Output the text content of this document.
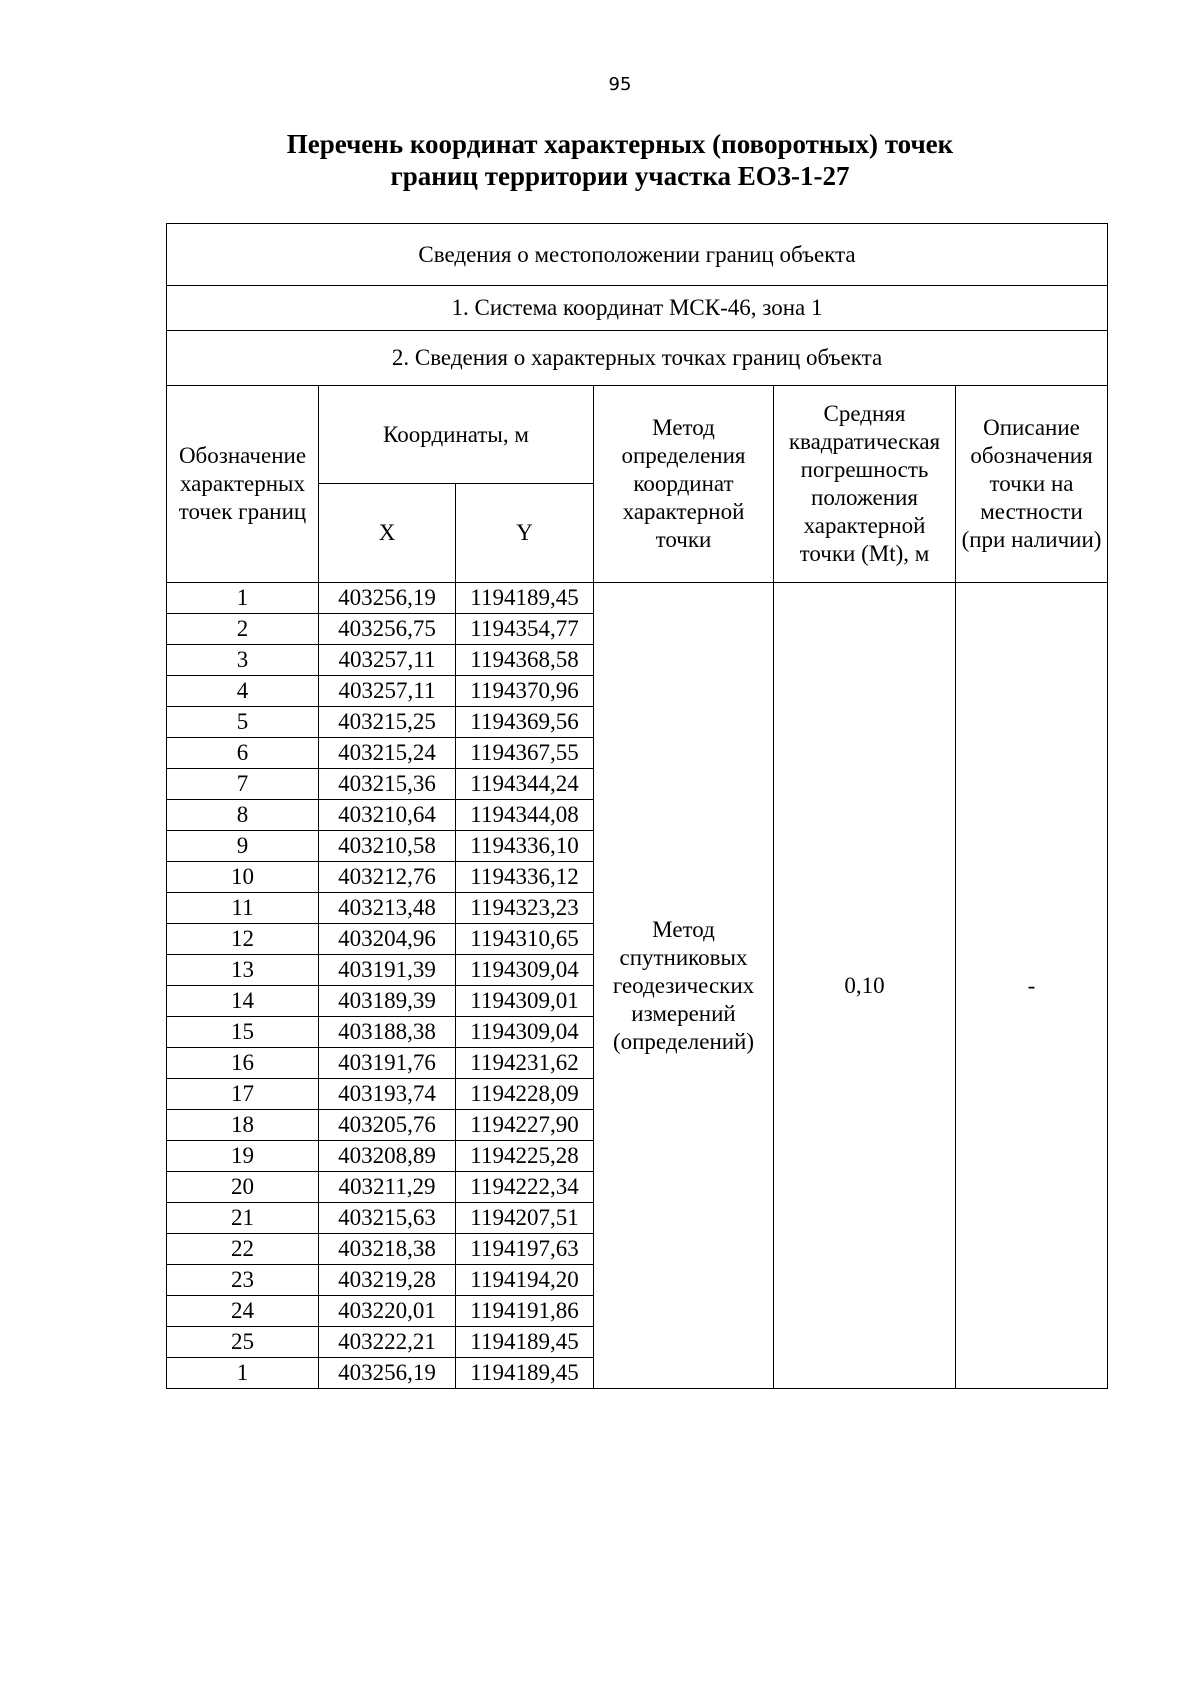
95
Перечень координат характерных (поворотных) точек
границ территории участка ЕОЗ-1-27
Сведения о местоположении границ объекта					
1. Система координат МСК-46, зона 1					
2. Сведения о характерных точках границ объекта					
Обозначение характерных точек границ	Координаты, м		Метод определения координат характерной точки	Средняя квадратическая погрешность положения характерной точки (Mt), м	Описание обозначения точки на местности (при наличии)
	X	Y			
1	403256,19	1194189,45	Метод спутниковых геодезических измерений (определений)	0,10	-
2	403256,75	1194354,77			
3	403257,11	1194368,58			
4	403257,11	1194370,96			
5	403215,25	1194369,56			
6	403215,24	1194367,55			
7	403215,36	1194344,24			
8	403210,64	1194344,08			
9	403210,58	1194336,10			
10	403212,76	1194336,12			
11	403213,48	1194323,23			
12	403204,96	1194310,65			
13	403191,39	1194309,04			
14	403189,39	1194309,01			
15	403188,38	1194309,04			
16	403191,76	1194231,62			
17	403193,74	1194228,09			
18	403205,76	1194227,90			
19	403208,89	1194225,28			
20	403211,29	1194222,34			
21	403215,63	1194207,51			
22	403218,38	1194197,63			
23	403219,28	1194194,20			
24	403220,01	1194191,86			
25	403222,21	1194189,45			
1	403256,19	1194189,45			
